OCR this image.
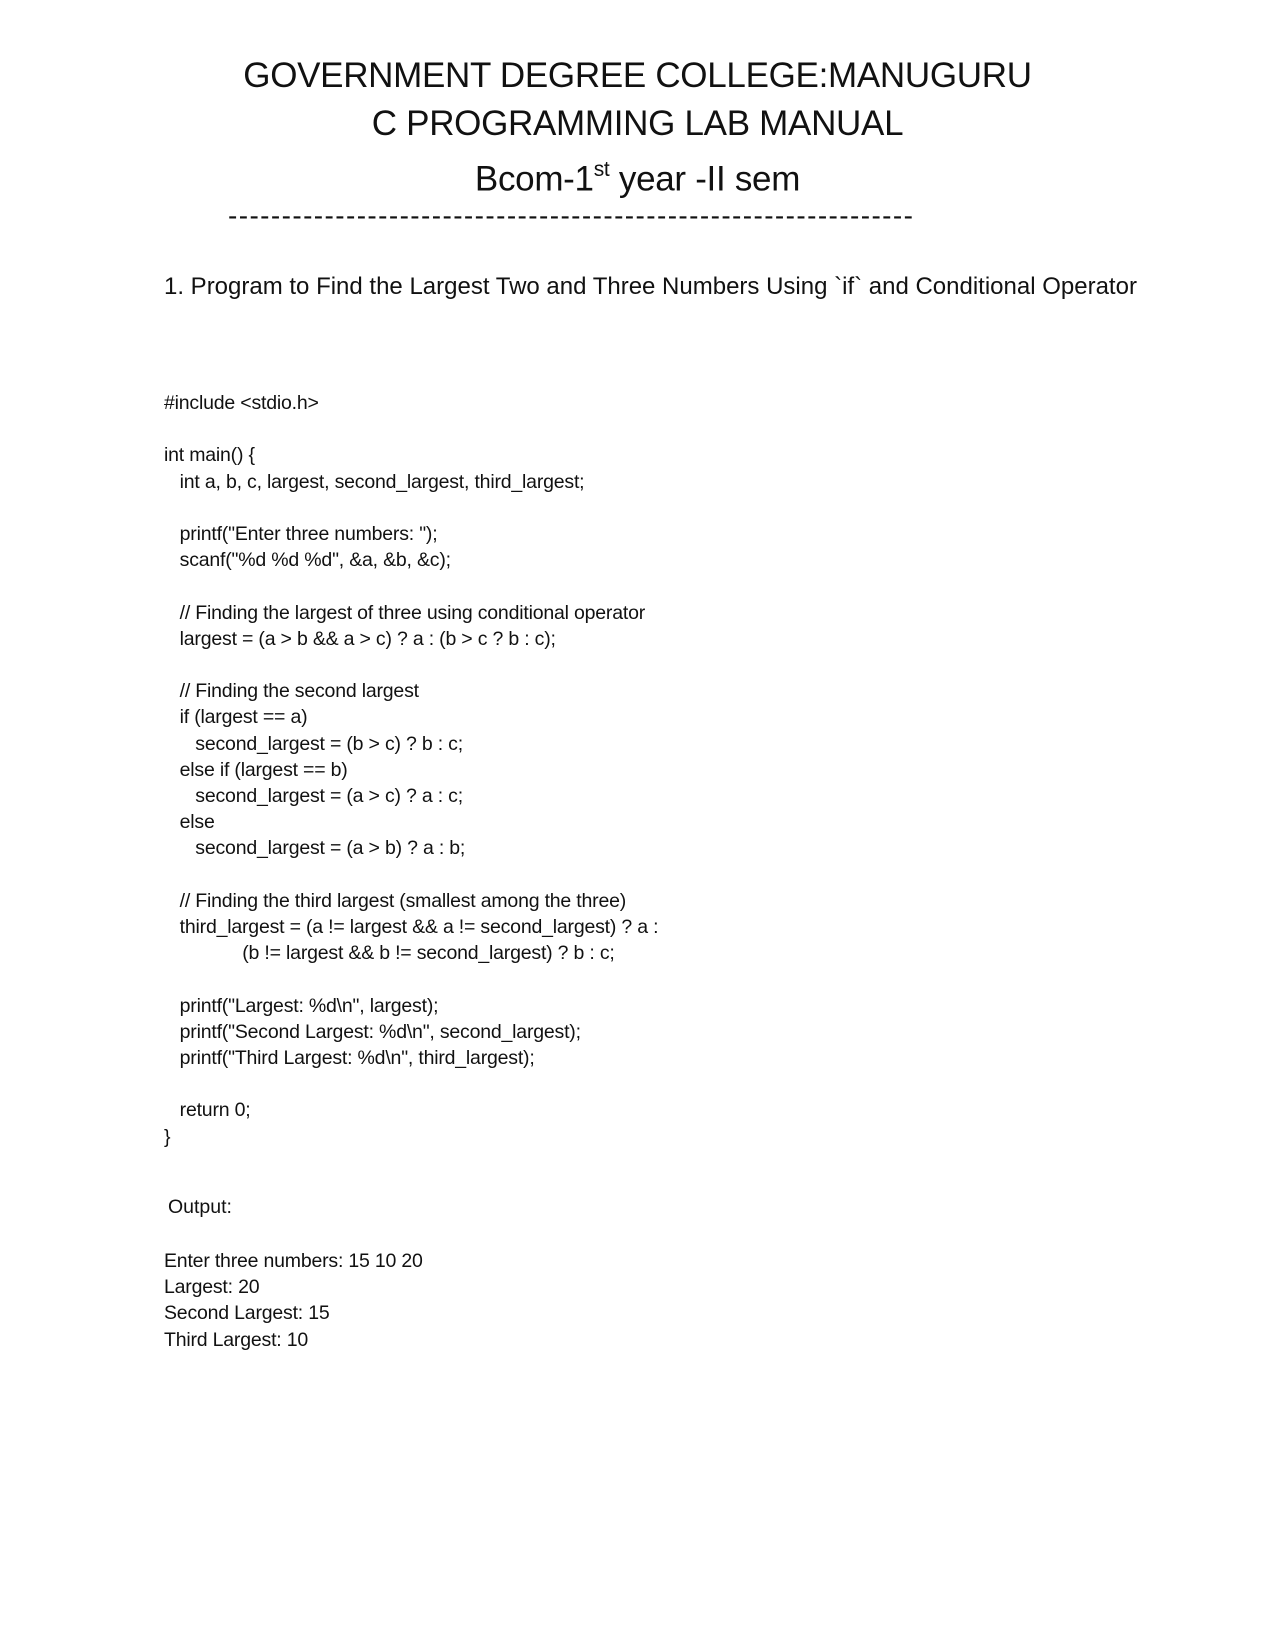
GOVERNMENT DEGREE COLLEGE:MANUGURU
C PROGRAMMING LAB MANUAL
Bcom-1st year -II sem
----------------------------------------------------------------
1. Program to Find the Largest Two and Three Numbers Using `if` and Conditional Operator
#include <stdio.h>

int main() {
int a, b, c, largest, second_largest, third_largest;

printf("Enter three numbers: ");
scanf("%d %d %d", &a, &b, &c);

// Finding the largest of three using conditional operator
largest = (a > b && a > c) ? a : (b > c ? b : c);

// Finding the second largest
if (largest == a)
second_largest = (b > c) ? b : c;
else if (largest == b)
second_largest = (a > c) ? a : c;
else
second_largest = (a > b) ? a : b;

// Finding the third largest (smallest among the three)
third_largest = (a != largest && a != second_largest) ? a :
(b != largest && b != second_largest) ? b : c;

printf("Largest: %d\n", largest);
printf("Second Largest: %d\n", second_largest);
printf("Third Largest: %d\n", third_largest);

return 0;
}
Output:
Enter three numbers: 15 10 20
Largest: 20
Second Largest: 15
Third Largest: 10
